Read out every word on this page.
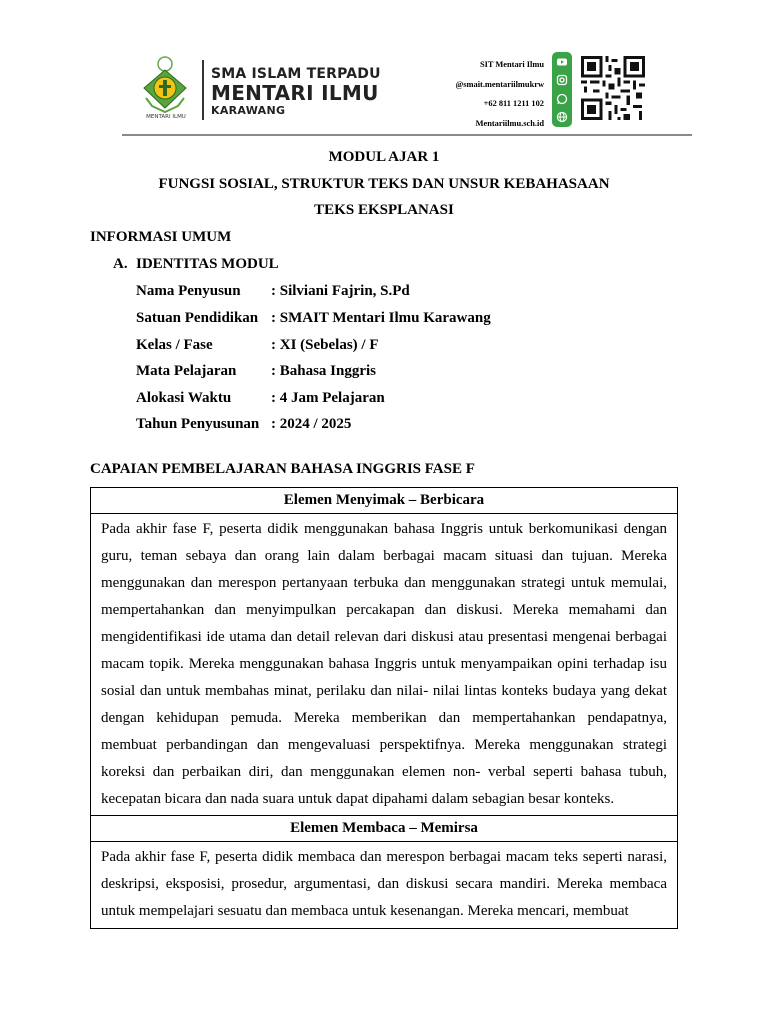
MENTARI ILMU
SMA ISLAM TERPADU
MENTARI ILMU
KARAWANG
SIT Mentari Ilmu
@smait.mentariilmukrw
+62 811 1211 102
Mentariilmu.sch.id
MODUL AJAR 1
FUNGSI SOSIAL, STRUKTUR TEKS DAN UNSUR KEBAHASAAN
TEKS EKSPLANASI
INFORMASI UMUM
A. IDENTITAS MODUL
Nama Penyusun : Silviani Fajrin, S.Pd
Satuan Pendidikan : SMAIT Mentari Ilmu Karawang
Kelas / Fase	: XI (Sebelas) / F
Mata Pelajaran : Bahasa Inggris
Alokasi Waktu	: 4 Jam Pelajaran
Tahun Penyusunan : 2024 / 2025
CAPAIAN PEMBELAJARAN BAHASA INGGRIS FASE F
Elemen Menyimak – Berbicara
Pada akhir fase F, peserta didik menggunakan bahasa Inggris untuk berkomunikasi dengan guru, teman sebaya dan orang lain dalam berbagai macam situasi dan tujuan. Mereka menggunakan dan merespon pertanyaan terbuka dan menggunakan strategi untuk memulai, mempertahankan dan menyimpulkan percakapan dan diskusi. Mereka memahami dan mengidentifikasi ide utama dan detail relevan dari diskusi atau presentasi mengenai berbagai macam topik. Mereka menggunakan bahasa Inggris untuk menyampaikan opini terhadap isu sosial dan untuk membahas minat, perilaku dan nilai- nilai lintas konteks budaya yang dekat dengan kehidupan pemuda. Mereka memberikan dan mempertahankan pendapatnya, membuat perbandingan dan mengevaluasi perspektifnya. Mereka menggunakan strategi koreksi dan perbaikan diri, dan menggunakan elemen non- verbal seperti bahasa tubuh, kecepatan bicara dan nada suara untuk dapat dipahami dalam sebagian besar konteks.
Elemen Membaca – Memirsa
Pada akhir fase F, peserta didik membaca dan merespon berbagai macam teks seperti narasi, deskripsi, eksposisi, prosedur, argumentasi, dan diskusi secara mandiri. Mereka membaca untuk mempelajari sesuatu dan membaca untuk kesenangan. Mereka mencari, membuat
